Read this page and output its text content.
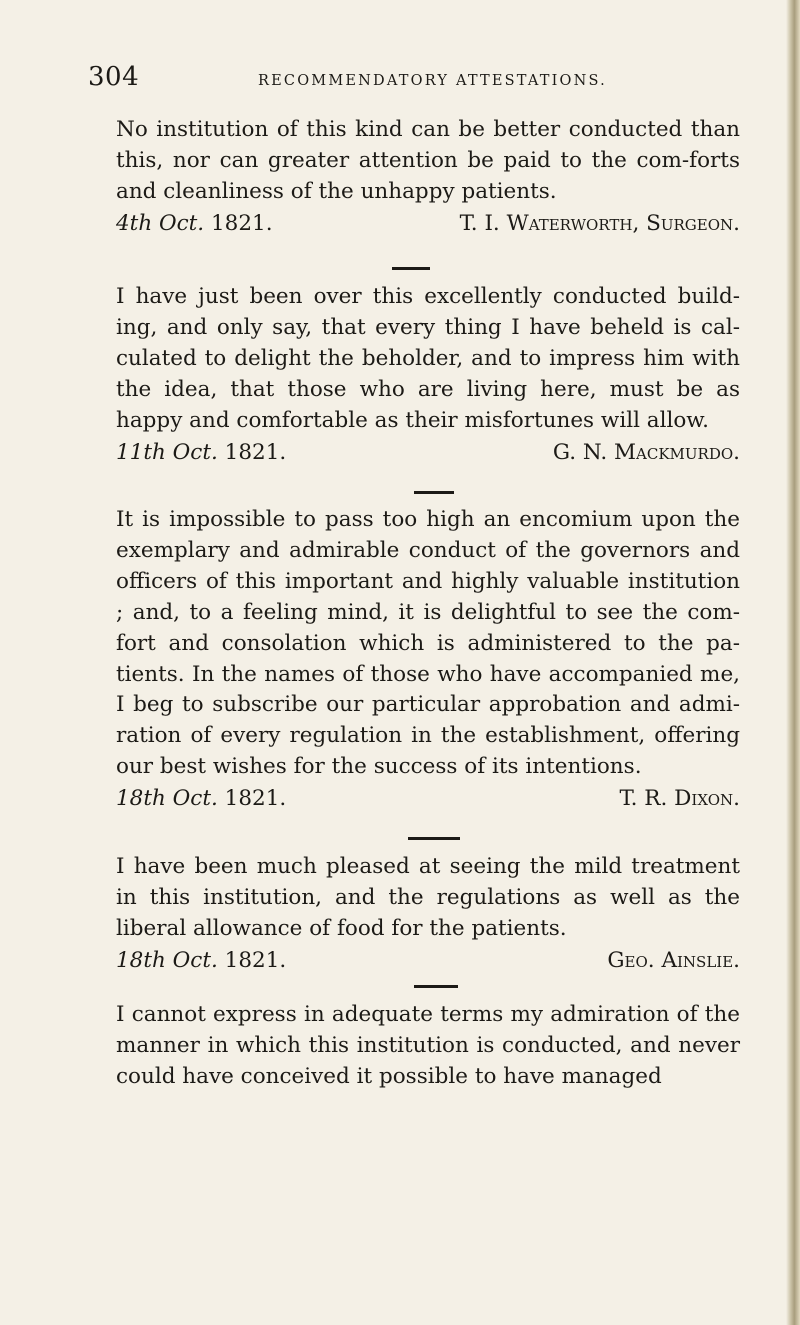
304	RECOMMENDATORY ATTESTATIONS.

No institution of this kind can be better conducted than this, nor can greater attention be paid to the com-forts and cleanliness of the unhappy patients.

4th Oct. 1821.	T. I. Waterworth, Surgeon.

I have just been over this excellently conducted build-ing, and only say, that every thing I have beheld is cal-culated to delight the beholder, and to impress him with the idea, that those who are living here, must be as happy and comfortable as their misfortunes will allow.

11th Oct. 1821.	G. N. Mackmurdo.

It is impossible to pass too high an encomium upon the exemplary and admirable conduct of the governors and officers of this important and highly valuable institution ; and, to a feeling mind, it is delightful to see the com-fort and consolation which is administered to the pa-tients. In the names of those who have accompanied me, I beg to subscribe our particular approbation and admi-ration of every regulation in the establishment, offering our best wishes for the success of its intentions.

18th Oct. 1821.	T. R. Dixon.

I have been much pleased at seeing the mild treatment in this institution, and the regulations as well as the liberal allowance of food for the patients.

18th Oct. 1821.	Geo. Ainslie.

I cannot express in adequate terms my admiration of the manner in which this institution is conducted, and never could have conceived it possible to have managed
